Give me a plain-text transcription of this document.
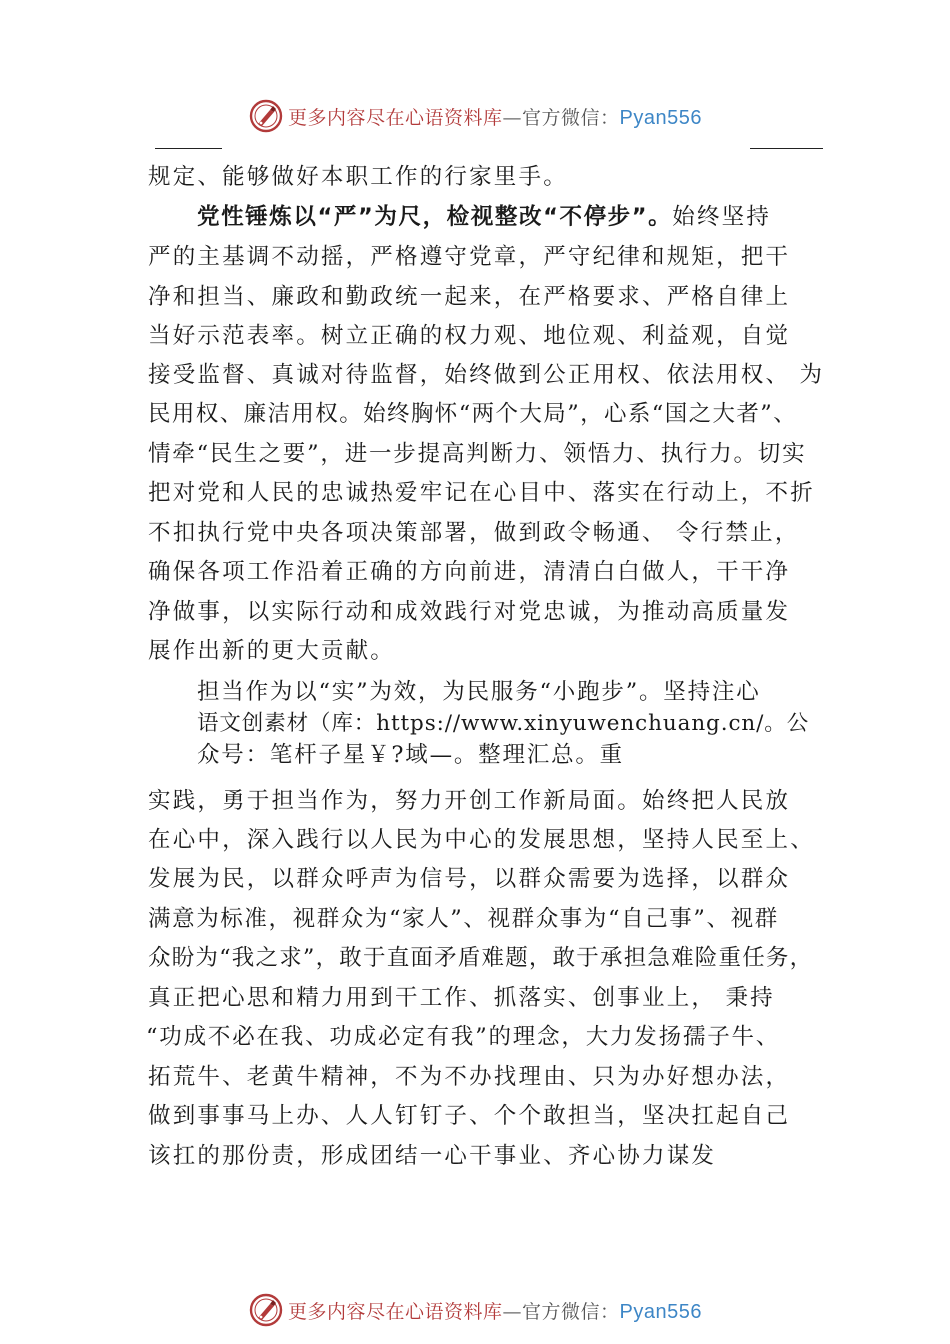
更多内容尽在心语资料库—官方微信：Pyan556
规定、能够做好本职工作的行家里手。
党性锤炼以“严”为尺，检视整改“不停步”。始终坚持
严的主基调不动摇，严格遵守党章，严守纪律和规矩，把干
净和担当、廉政和勤政统一起来，在严格要求、严格自律上
当好示范表率。树立正确的权力观、地位观、利益观，自觉
接受监督、真诚对待监督，始终做到公正用权、依法用权、 为
民用权、廉洁用权。始终胸怀“两个大局”，心系“国之大者”、
情牵“民生之要”，进一步提高判断力、领悟力、执行力。切实
把对党和人民的忠诚热爱牢记在心目中、落实在行动上，不折
不扣执行党中央各项决策部署，做到政令畅通、 令行禁止，
确保各项工作沿着正确的方向前进，清清白白做人，干干净
净做事，以实际行动和成效践行对党忠诚，为推动高质量发
展作出新的更大贡献。
担当作为以“实”为效，为民服务“小跑步”。坚持注心
语文创素材（库：https://www.xinyuwenchuang.cn/。公
众号：笔杆子星￥?域—。整理汇总。重
实践，勇于担当作为，努力开创工作新局面。始终把人民放
在心中，深入践行以人民为中心的发展思想，坚持人民至上、
发展为民，以群众呼声为信号，以群众需要为选择，以群众
满意为标准，视群众为“家人”、视群众事为“自己事”、视群
众盼为“我之求”，敢于直面矛盾难题，敢于承担急难险重任务，
真正把心思和精力用到干工作、抓落实、创事业上， 秉持
“功成不必在我、功成必定有我”的理念，大力发扬孺子牛、
拓荒牛、老黄牛精神，不为不办找理由、只为办好想办法，
做到事事马上办、人人钉钉子、个个敢担当，坚决扛起自己
该扛的那份责，形成团结一心干事业、齐心协力谋发
更多内容尽在心语资料库—官方微信：Pyan556
